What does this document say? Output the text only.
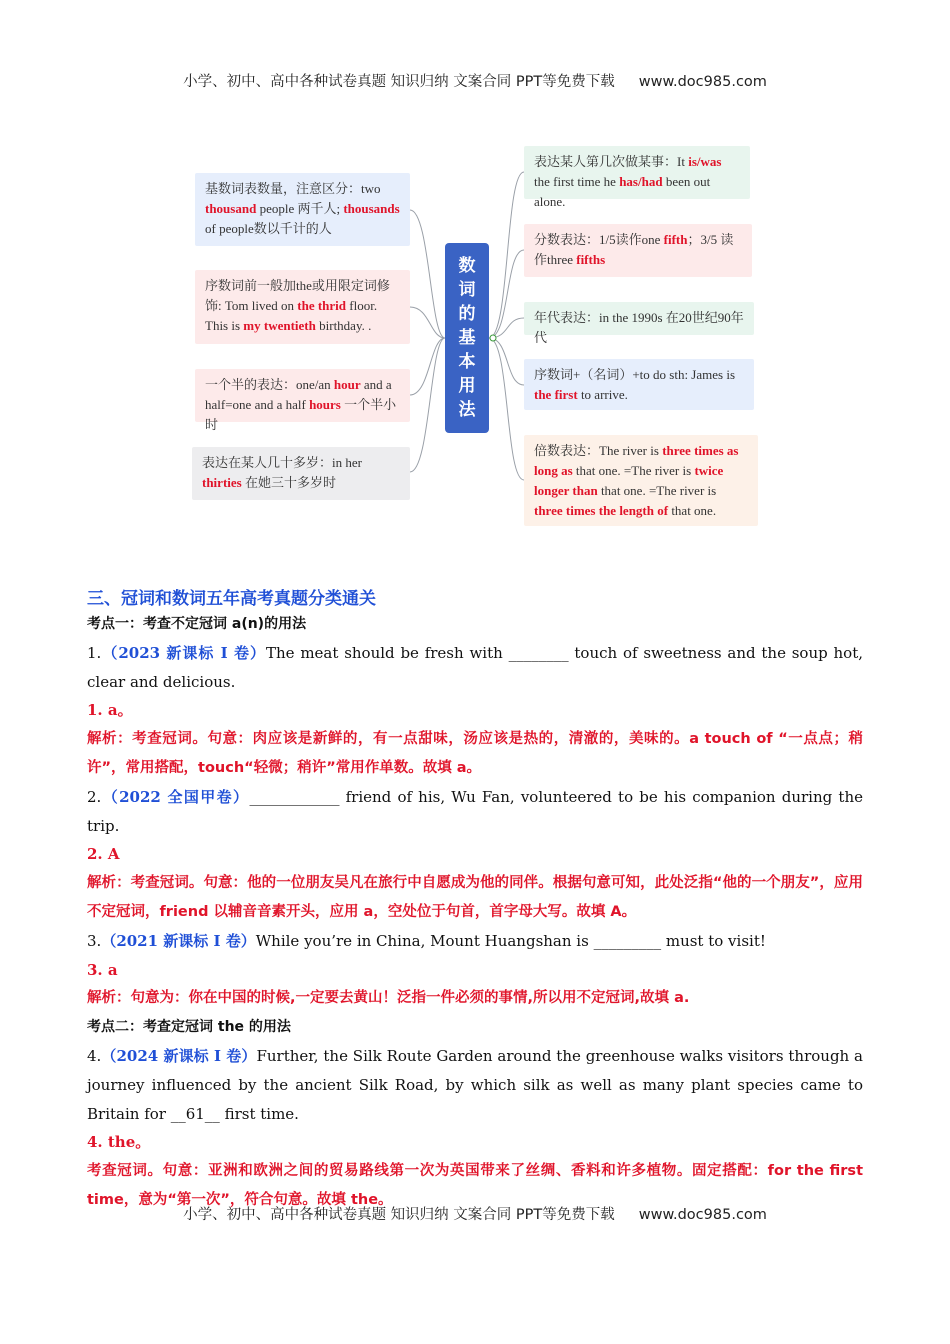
小学、初中、高中各种试卷真题 知识归纳 文案合同 PPT等免费下载 www.doc985.com
数词的基本用法
基数词表数量，注意区分：two thousand people 两千人; thousands of people数以千计的人
序数词前一般加the或用限定词修饰: Tom lived on the thrid floor. This is my twentieth birthday. .
一个半的表达：one/an hour and a half=one and a half hours 一个半小时
表达在某人几十多岁：in her thirties 在她三十多岁时
表达某人第几次做某事：It is/was the first time he has/had been out alone.
分数表达：1/5读作one fifth；3/5 读作three fifths
年代表达：in the 1990s 在20世纪90年代
序数词+（名词）+to do sth: James is the first to arrive.
倍数表达：The river is three times as long as that one. =The river is twice longer than that one. =The river is three times the length of that one.
三、冠词和数词五年高考真题分类通关

考点一：考查不定冠词 a(n)的用法

1.（2023 新课标 I 卷）The meat should be fresh with ________ touch of sweetness and the soup hot, clear and delicious.

1. a。

解析：考查冠词。句意：肉应该是新鲜的，有一点甜味，汤应该是热的，清澈的，美味的。a touch of “一点点；稍许”，常用搭配，touch“轻微；稍许”常用作单数。故填 a。

2.（2022 全国甲卷）____________ friend of his, Wu Fan, volunteered to be his companion during the trip.

2. A

解析：考查冠词。句意：他的一位朋友吴凡在旅行中自愿成为他的同伴。根据句意可知，此处泛指“他的一个朋友”，应用不定冠词，friend 以辅音音素开头，应用 a，空处位于句首，首字母大写。故填 A。

3.（2021 新课标 I 卷）While you’re in China, Mount Huangshan is _________ must to visit!

3. a

解析：句意为：你在中国的时候,一定要去黄山！泛指一件必须的事情,所以用不定冠词,故填 a.

考点二：考查定冠词 the 的用法

4.（2024 新课标 I 卷）Further, the Silk Route Garden around the greenhouse walks visitors through a journey influenced by the ancient Silk Road, by which silk as well as many plant species came to Britain for __61__ first time.

4. the。

考查冠词。句意：亚洲和欧洲之间的贸易路线第一次为英国带来了丝绸、香料和许多植物。固定搭配：for the first time，意为“第一次”，符合句意。故填 the。

小学、初中、高中各种试卷真题 知识归纳 文案合同 PPT等免费下载 www.doc985.com
